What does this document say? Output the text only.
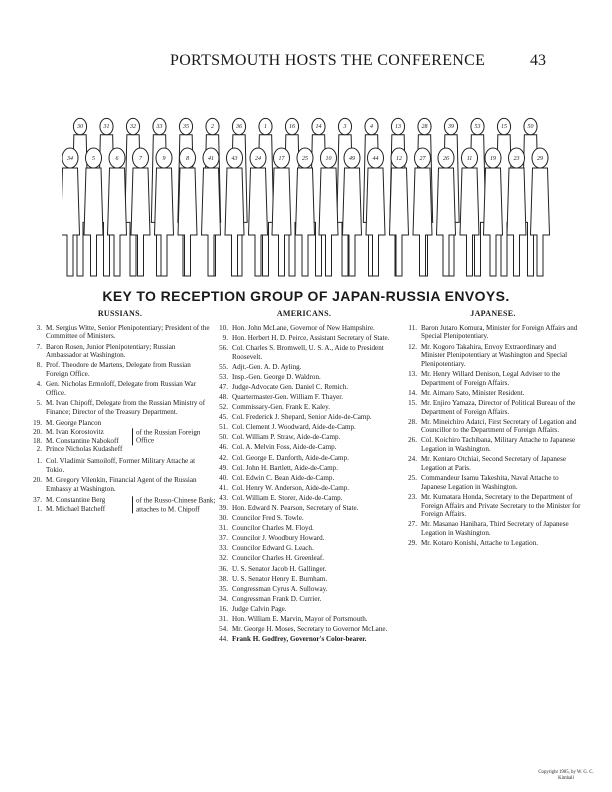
PORTSMOUTH HOSTS THE CONFERENCE	43
30	31	32	33	35	2	36	1	16	14	3	4	13	28	39	53	15	50
34	5	6	7	9	8	41	43	24	17	25	10	49	44	12	27	26	11	19	23	29
KEY TO RECEPTION GROUP OF JAPAN-RUSSIA ENVOYS.
RUSSIANS.
3. M. Sergius Witte, Senior Plenipotentiary; President of the Committee of Ministers.
7. Baron Rosen, Junior Plenipotentiary; Russian Ambassador at Washington.
8. Prof. Theodore de Martens, Delegate from Russian Foreign Office.
4. Gen. Nicholas Ermoloff, Delegate from Russian War Office.
5. M. Ivan Chipoff, Delegate from the Russian Ministry of Finance; Director of the Treasury Department.
19. M. George Plancon
20. M. Ivan Korostovitz
18. M. Constantine Nabokoff
2. Prince Nicholas Kudasheff
of the Russian Foreign Office
1. Col. Vladimir Samoiloff, Former Military Attache at Tokio.
20. M. Gregory Vilenkin, Financial Agent of the Russian Embassy at Washington.
37. M. Constantine Berg
1. M. Michael Batcheff
of the Russo-Chinese Bank; attaches to M. Chipoff
AMERICANS.
10. Hon. John McLane, Governor of New Hampshire.
9. Hon. Herbert H. D. Peirce, Assistant Secretary of State.
56. Col. Charles S. Bromwell, U. S. A., Aide to President Roosevelt.
55. Adjt.-Gen. A. D. Ayling.
53. Insp.-Gen. George D. Waldron.
47. Judge-Advocate Gen. Daniel C. Remich.
48. Quartermaster-Gen. William F. Thayer.
52. Commissary-Gen. Frank E. Kaley.
45. Col. Frederick J. Shepard, Senior Aide-de-Camp.
51. Col. Clement J. Woodward, Aide-de-Camp.
50. Col. William P. Straw, Aide-de-Camp.
46. Col. A. Melvin Foss, Aide-de-Camp.
42. Col. George E. Danforth, Aide-de-Camp.
49. Col. John H. Bartlett, Aide-de-Camp.
40. Col. Edwin C. Bean Aide-de-Camp.
41. Col. Henry W. Anderson, Aide-de-Camp.
43. Col. William E. Storer, Aide-de-Camp.
39. Hon. Edward N. Pearson, Secretary of State.
30. Councilor Fred S. Towle.
31. Councilor Charles M. Floyd.
37. Councilor J. Woodbury Howard.
33. Councilor Edward G. Leach.
32. Councilor Charles H. Greenleaf.
36. U. S. Senator Jacob H. Gallinger.
38. U. S. Senator Henry E. Burnham.
35. Congressman Cyrus A. Sulloway.
34. Congressman Frank D. Currier.
16. Judge Calvin Page.
31. Hon. William E. Marvin, Mayor of Portsmouth.
54. Mr. George H. Moses, Secretary to Governor McLane.
44. Frank H. Godfrey, Governor's Color-bearer.
JAPANESE.
11. Baron Jutaro Komura, Minister for Foreign Affairs and Special Plenipotentiary.
12. Mr. Kogoro Takahira, Envoy Extraordinary and Minister Plenipotentiary at Washington and Special Plenipotentiary.
13. Mr. Henry Willard Denison, Legal Adviser to the Department of Foreign Affairs.
14. Mr. Aimaro Sato, Minister Resident.
15. Mr. Enjiro Yamaza, Director of Political Bureau of the Department of Foreign Affairs.
28. Mr. Mineichiro Adatci, First Secretary of Legation and Councillor to the Department of Foreign Affairs.
26. Col. Koichiro Tachibana, Military Attache to Japanese Legation in Washington.
24. Mr. Kentaro Otchiai, Second Secretary of Japanese Legation at Paris.
25. Commandeur Isamu Takeshita, Naval Attache to Japanese Legation in Washington.
23. Mr. Kumatara Honda, Secretary to the Department of Foreign Affairs and Private Secretary to the Minister for Foreign Affairs.
27. Mr. Masanao Hanihara, Third Secretary of Japanese Legation in Washington.
29. Mr. Kotaro Konishi, Attache to Legation.
Copyright 1905, by W. G. C. Kimball
